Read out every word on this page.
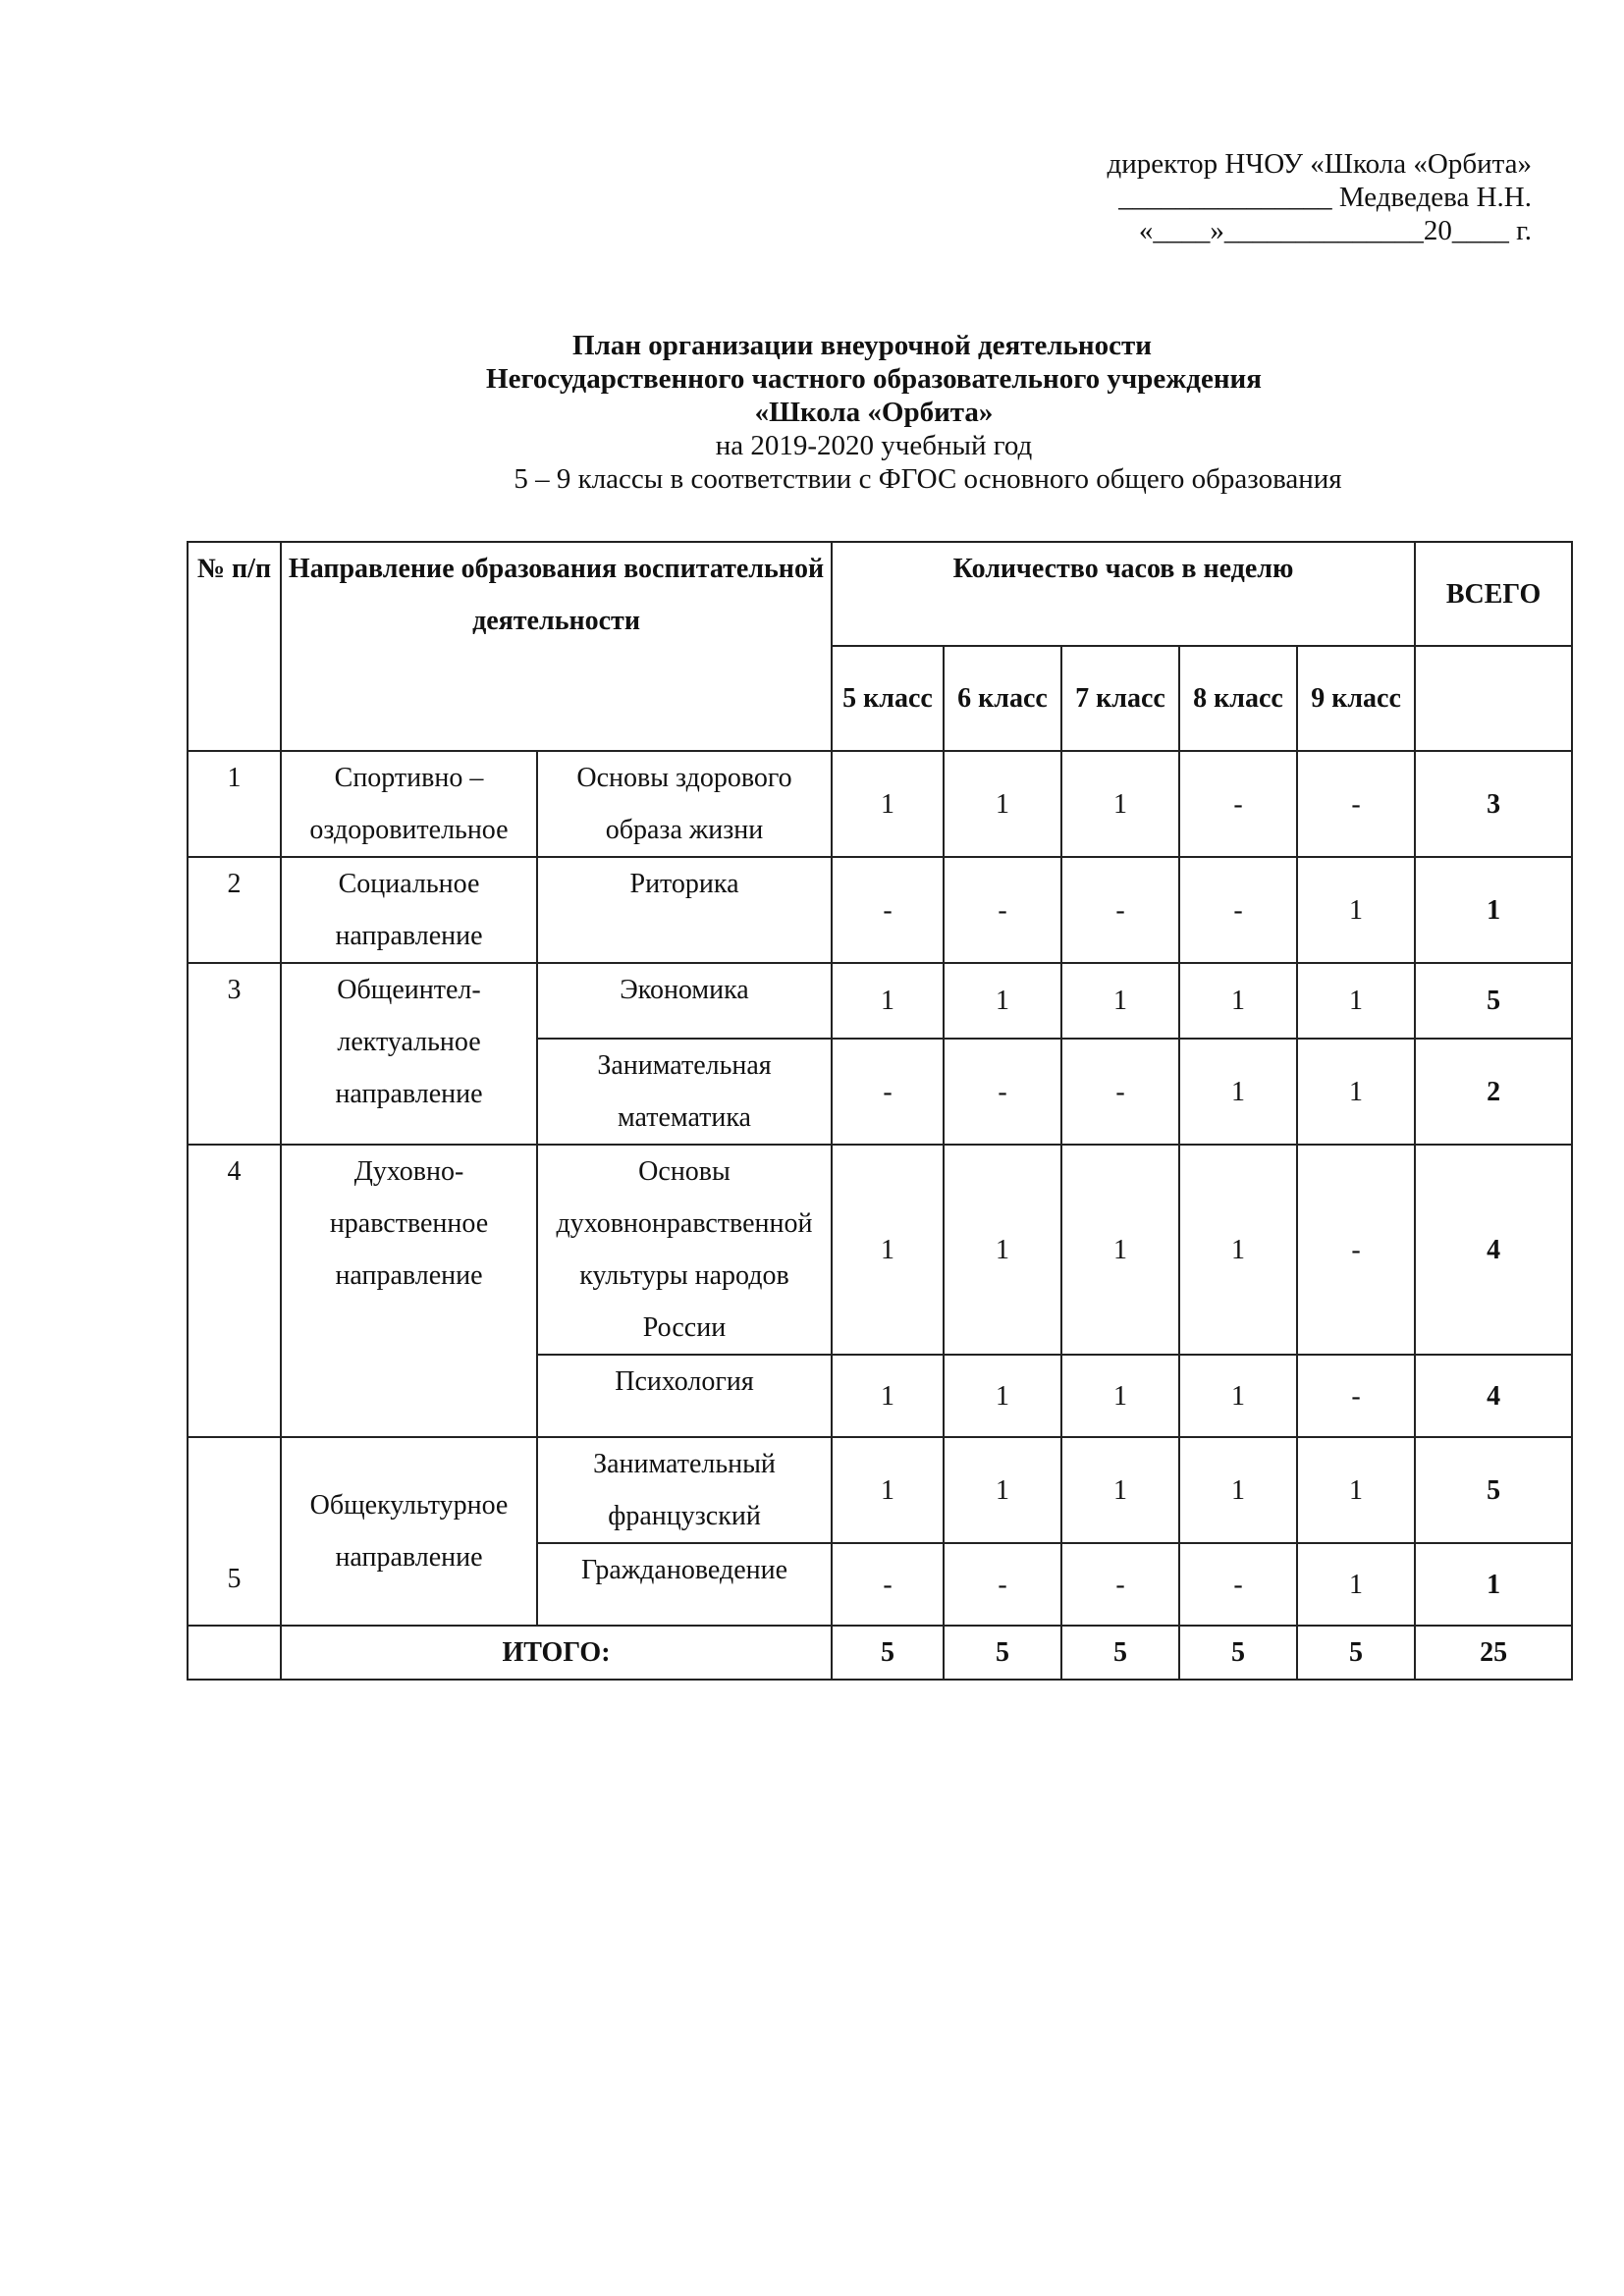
директор НЧОУ «Школа «Орбита»
_______________ Медведева Н.Н.
«____»______________20____ г.
План организации внеурочной деятельности
Негосударственного частного образовательного учреждения
«Школа «Орбита»
на 2019-2020 учебный год
5 – 9 классы в соответствии с ФГОС основного общего образования
№ п/п	Направление образования воспитательной деятельности		Количество часов в неделю					ВСЕГО
			5 класс	6 класс	7 класс	8 класс	9 класс	
1	Спортивно – оздоровительное	Основы здорового образа жизни	1	1	1	-	-	3
2	Социальное направление	Риторика	-	-	-	-	1	1
3	Общеинтел-лектуальное направление	Экономика	1	1	1	1	1	5
		Занимательная математика	-	-	-	1	1	2
4	Духовно-нравственное направление	Основы духовнонравственной культуры народов России	1	1	1	1	-	4
		Психология	1	1	1	1	-	4
5	Общекультурное направление	Занимательный французский	1	1	1	1	1	5
		Граждановедение	-	-	-	-	1	1
	ИТОГО:		5	5	5	5	5	25
